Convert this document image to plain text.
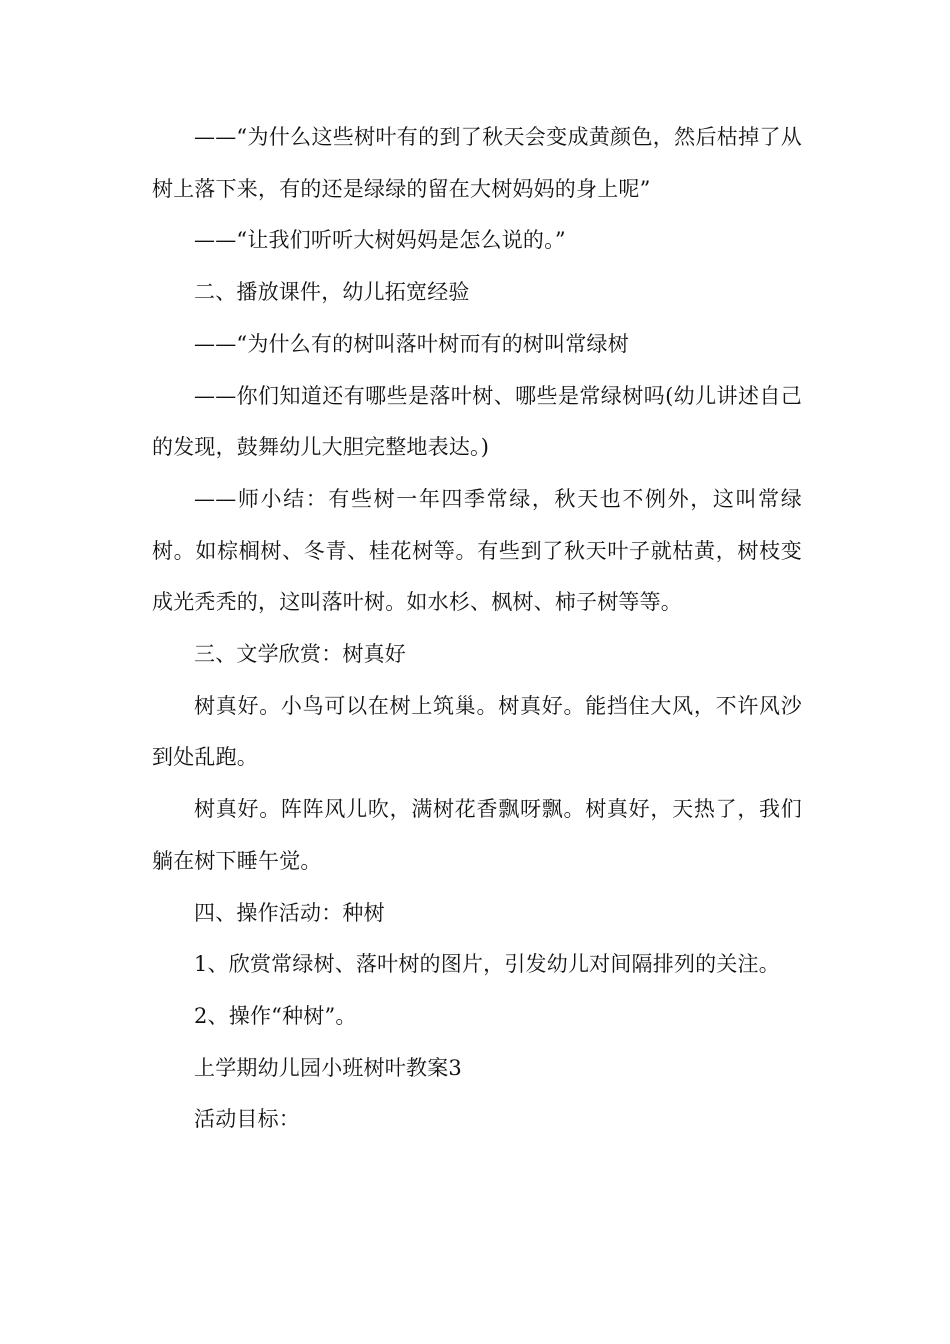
——“为什么这些树叶有的到了秋天会变成黄颜色，然后枯掉了从树上落下来，有的还是绿绿的留在大树妈妈的身上呢”

——“让我们听听大树妈妈是怎么说的。”

二、播放课件，幼儿拓宽经验

——“为什么有的树叫落叶树而有的树叫常绿树

——你们知道还有哪些是落叶树、哪些是常绿树吗(幼儿讲述自己的发现，鼓舞幼儿大胆完整地表达。)

——师小结：有些树一年四季常绿，秋天也不例外，这叫常绿树。如棕榈树、冬青、桂花树等。有些到了秋天叶子就枯黄，树枝变成光秃秃的，这叫落叶树。如水杉、枫树、柿子树等等。

三、文学欣赏：树真好

树真好。小鸟可以在树上筑巢。树真好。能挡住大风，不许风沙到处乱跑。

树真好。阵阵风儿吹，满树花香飘呀飘。树真好，天热了，我们躺在树下睡午觉。

四、操作活动：种树

1、欣赏常绿树、落叶树的图片，引发幼儿对间隔排列的关注。

2、操作“种树”。

上学期幼儿园小班树叶教案3

活动目标：
